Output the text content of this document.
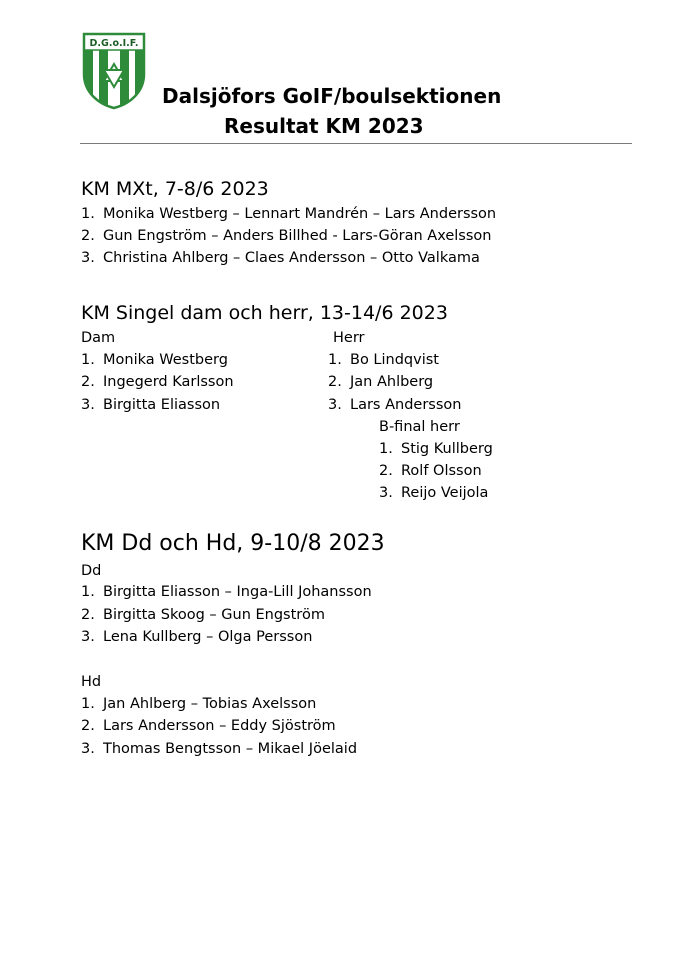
D.G.o.I.F.
Dalsjöfors GoIF/boulsektionen
Resultat KM 2023
KM MXt, 7-8/6 2023
1. Monika Westberg – Lennart Mandrén – Lars Andersson
2. Gun Engström – Anders Billhed - Lars-Göran Axelsson
3. Christina Ahlberg – Claes Andersson – Otto Valkama
KM Singel dam och herr, 13-14/6 2023
Dam	Herr
1. Monika Westberg
2. Ingegerd Karlsson
3. Birgitta Eliasson
1. Bo Lindqvist
2. Jan Ahlberg
3. Lars Andersson
B-final herr
1. Stig Kullberg
2. Rolf Olsson
3. Reijo Veijola
KM Dd och Hd, 9-10/8 2023
Dd
1. Birgitta Eliasson – Inga-Lill Johansson
2. Birgitta Skoog – Gun Engström
3. Lena Kullberg – Olga Persson
Hd
1. Jan Ahlberg – Tobias Axelsson
2. Lars Andersson – Eddy Sjöström
3. Thomas Bengtsson – Mikael Jöelaid
